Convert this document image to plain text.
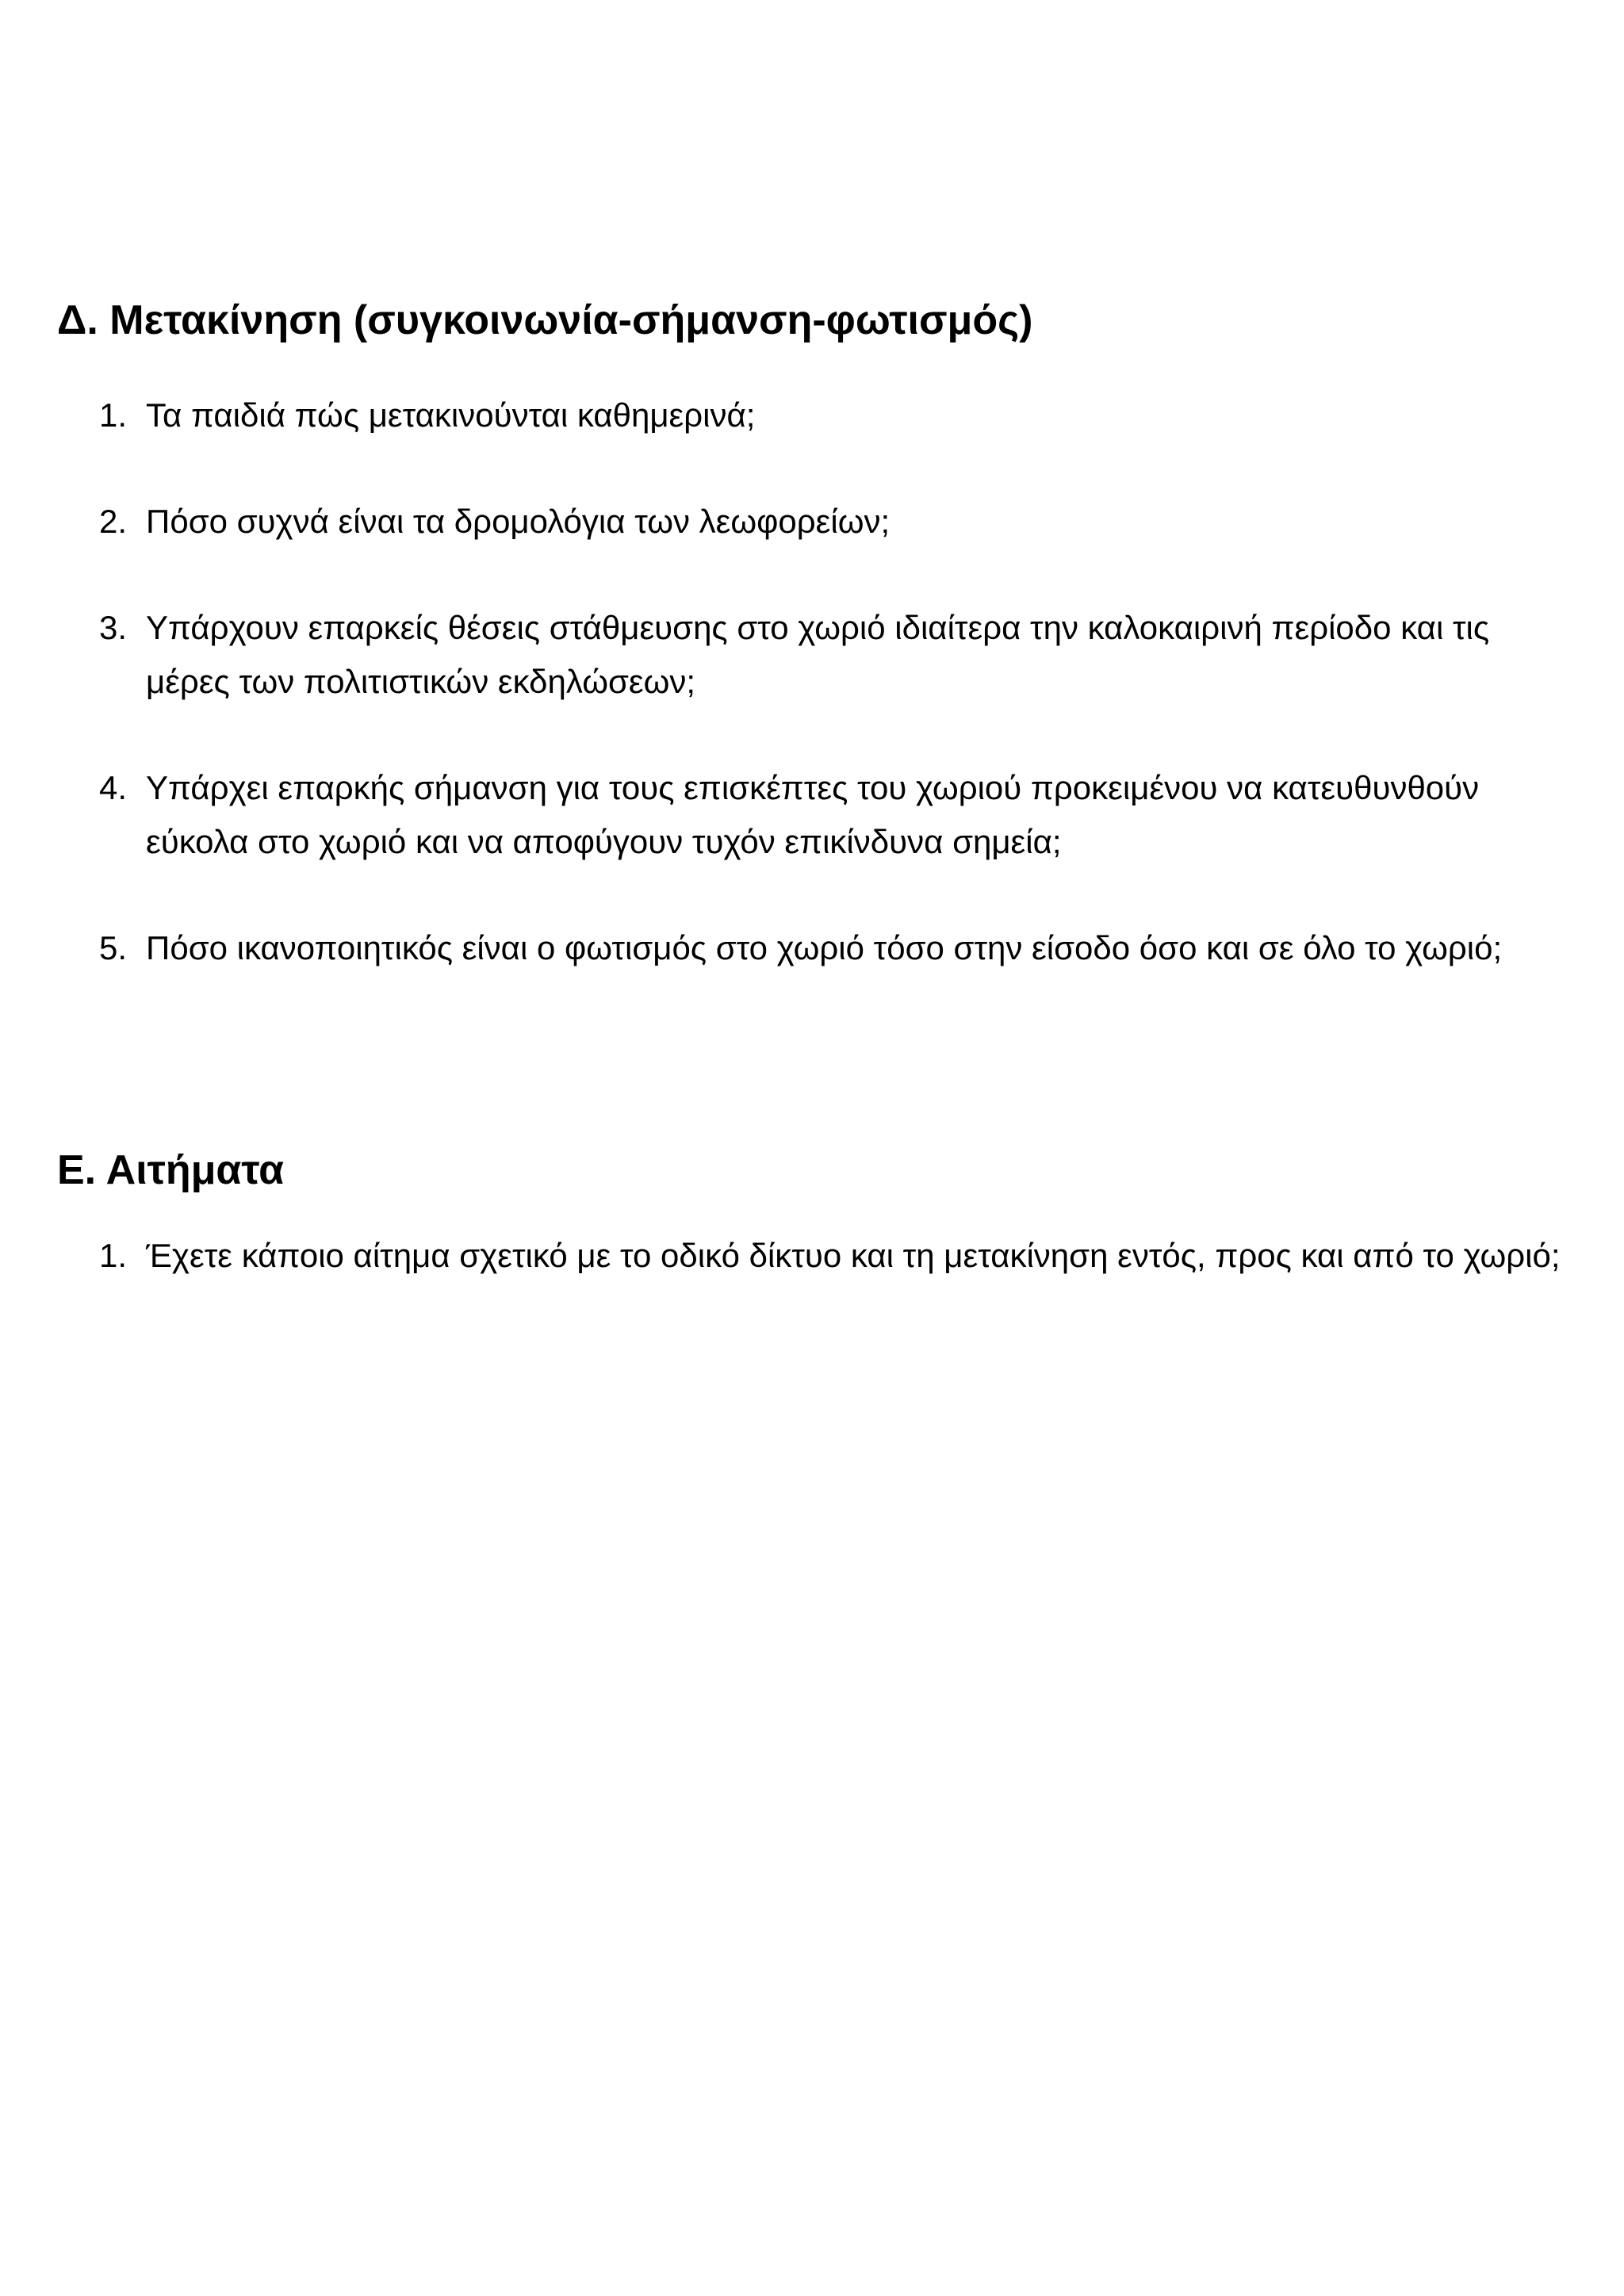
Δ. Μετακίνηση (συγκοινωνία-σήμανση-φωτισμός)
1. Τα παιδιά πώς μετακινούνται καθημερινά;
2. Πόσο συχνά είναι τα δρομολόγια των λεωφορείων;
3. Υπάρχουν επαρκείς θέσεις στάθμευσης στο χωριό ιδιαίτερα την καλοκαιρινή περίοδο και τις μέρες των πολιτιστικών εκδηλώσεων;
4. Υπάρχει επαρκής σήμανση για τους επισκέπτες του χωριού προκειμένου να κατευθυνθούν εύκολα στο χωριό και να αποφύγουν τυχόν επικίνδυνα σημεία;
5. Πόσο ικανοποιητικός είναι ο φωτισμός στο χωριό τόσο στην είσοδο όσο και σε όλο το χωριό;
Ε. Αιτήματα
1. Έχετε κάποιο αίτημα σχετικό με το οδικό δίκτυο και τη μετακίνηση εντός, προς και από το χωριό;
